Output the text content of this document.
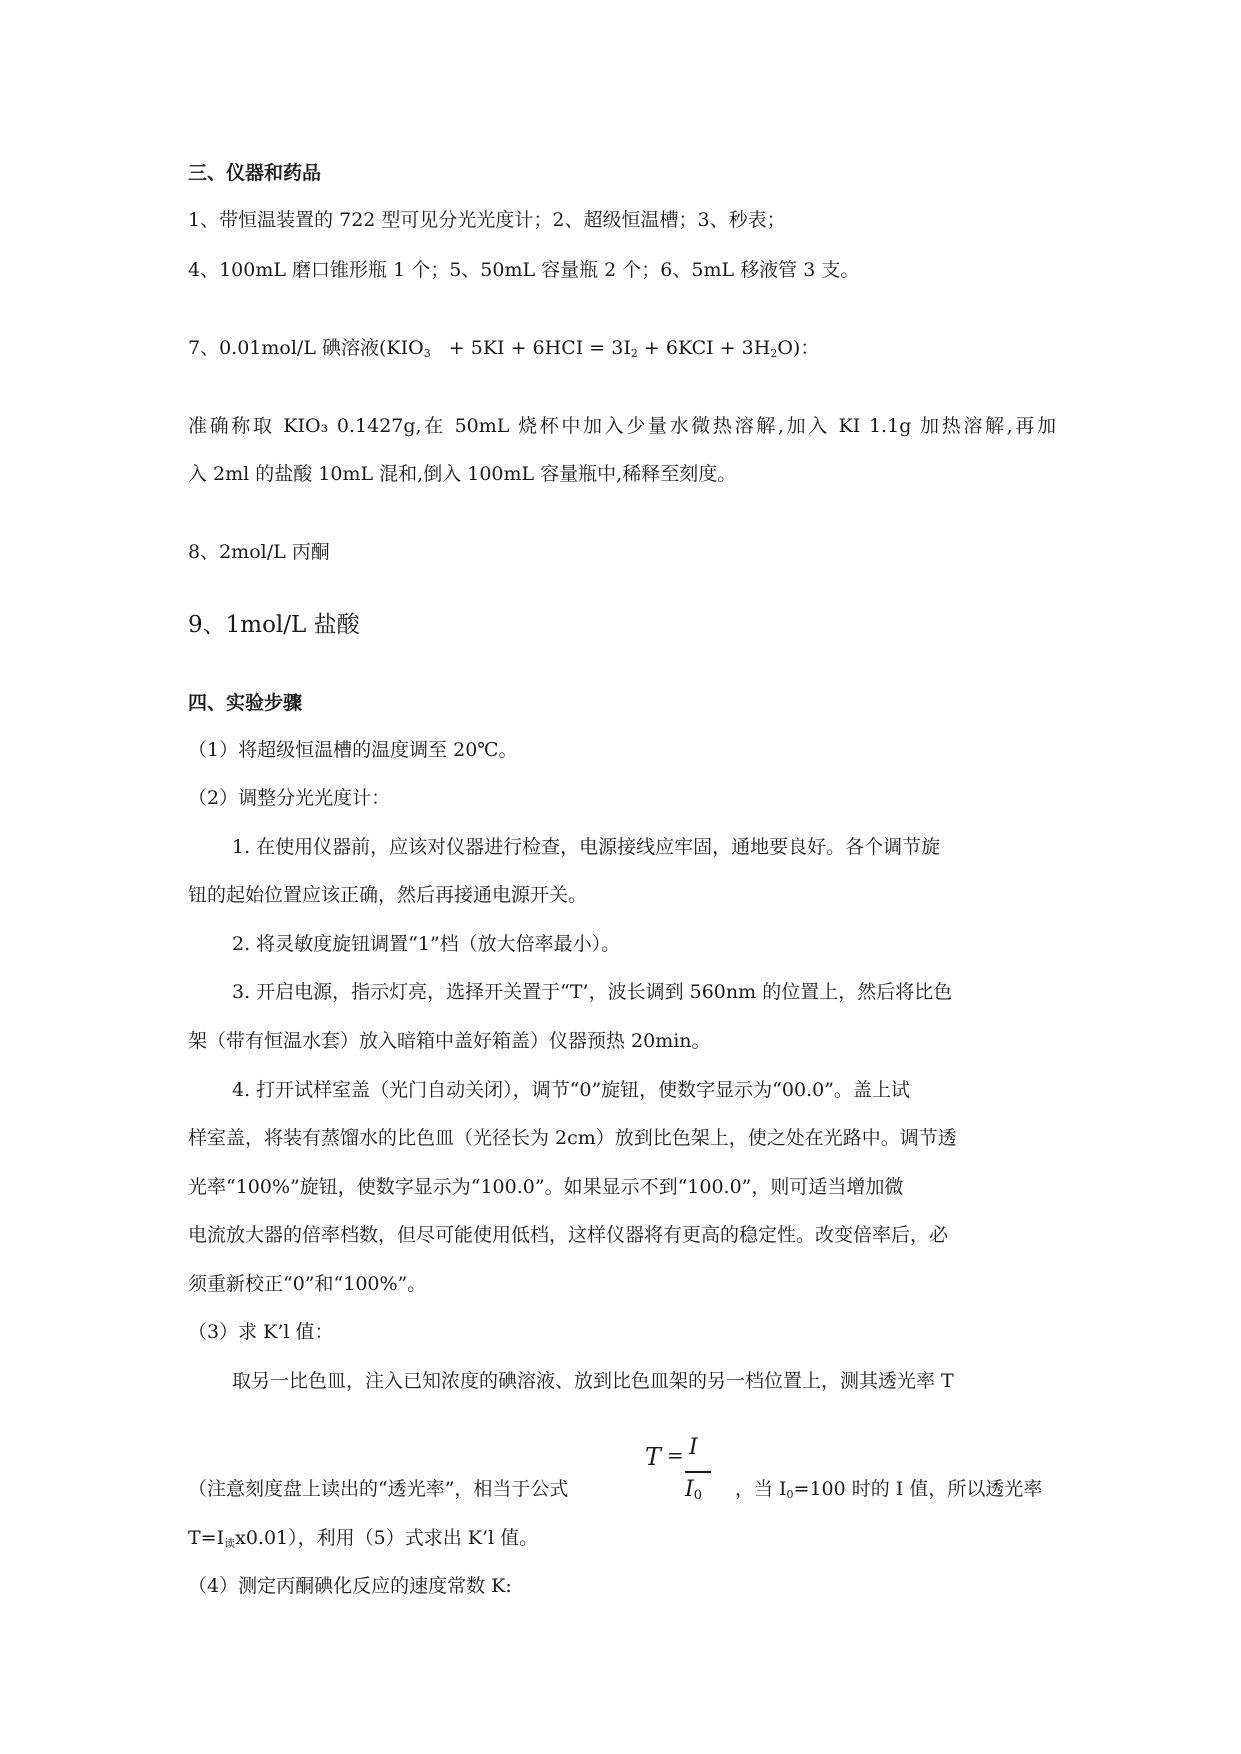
三、仪器和药品
1、带恒温装置的 722 型可见分光光度计；2、超级恒温槽；3、秒表；
4、100mL 磨口锥形瓶 1 个；5、50mL 容量瓶 2 个；6、5mL 移液管 3 支。
7、0.01mol/L 碘溶液$(KIO_3 + 5KI + 6HCI = 3I_2 + 6KCI + 3H_2O)$：
准确称取 KIO₃ 0.1427g,在 50mL 烧杯中加入少量水微热溶解,加入 KI 1.1g 加热溶解,再加
入 2ml 的盐酸 10mL 混和,倒入 100mL 容量瓶中,稀释至刻度。
8、2mol/L 丙酮
9、1mol/L 盐酸
四、实验步骤
（1）将超级恒温槽的温度调至 20℃。
（2）调整分光光度计：
1. 在使用仪器前，应该对仪器进行检查，电源接线应牢固，通地要良好。各个调节旋
钮的起始位置应该正确，然后再接通电源开关。
2. 将灵敏度旋钮调置“1”档（放大倍率最小）。
3. 开启电源，指示灯亮，选择开关置于“T’，波长调到 560nm 的位置上，然后将比色
架（带有恒温水套）放入暗箱中盖好箱盖）仪器预热 20min。
4. 打开试样室盖（光门自动关闭），调节“0”旋钮，使数字显示为“00.0”。盖上试
样室盖，将装有蒸馏水的比色皿（光径长为 2cm）放到比色架上，使之处在光路中。调节透
光率“100%”旋钮，使数字显示为“100.0”。如果显示不到“100.0”，则可适当增加微
电流放大器的倍率档数，但尽可能使用低档，这样仪器将有更高的稳定性。改变倍率后，必
须重新校正“0”和“100%”。
（3）求 K’l 值：
取另一比色皿，注入已知浓度的碘溶液、放到比色皿架的另一档位置上，测其透光率 T
T = I
$I_0$
（注意刻度盘上读出的“透光率”，相当于公式	，当 $I_0=100$ 时的 I 值，所以透光率
$T=I_读x0.01$），利用（5）式求出 K’l 值。
（4）测定丙酮碘化反应的速度常数 K:
